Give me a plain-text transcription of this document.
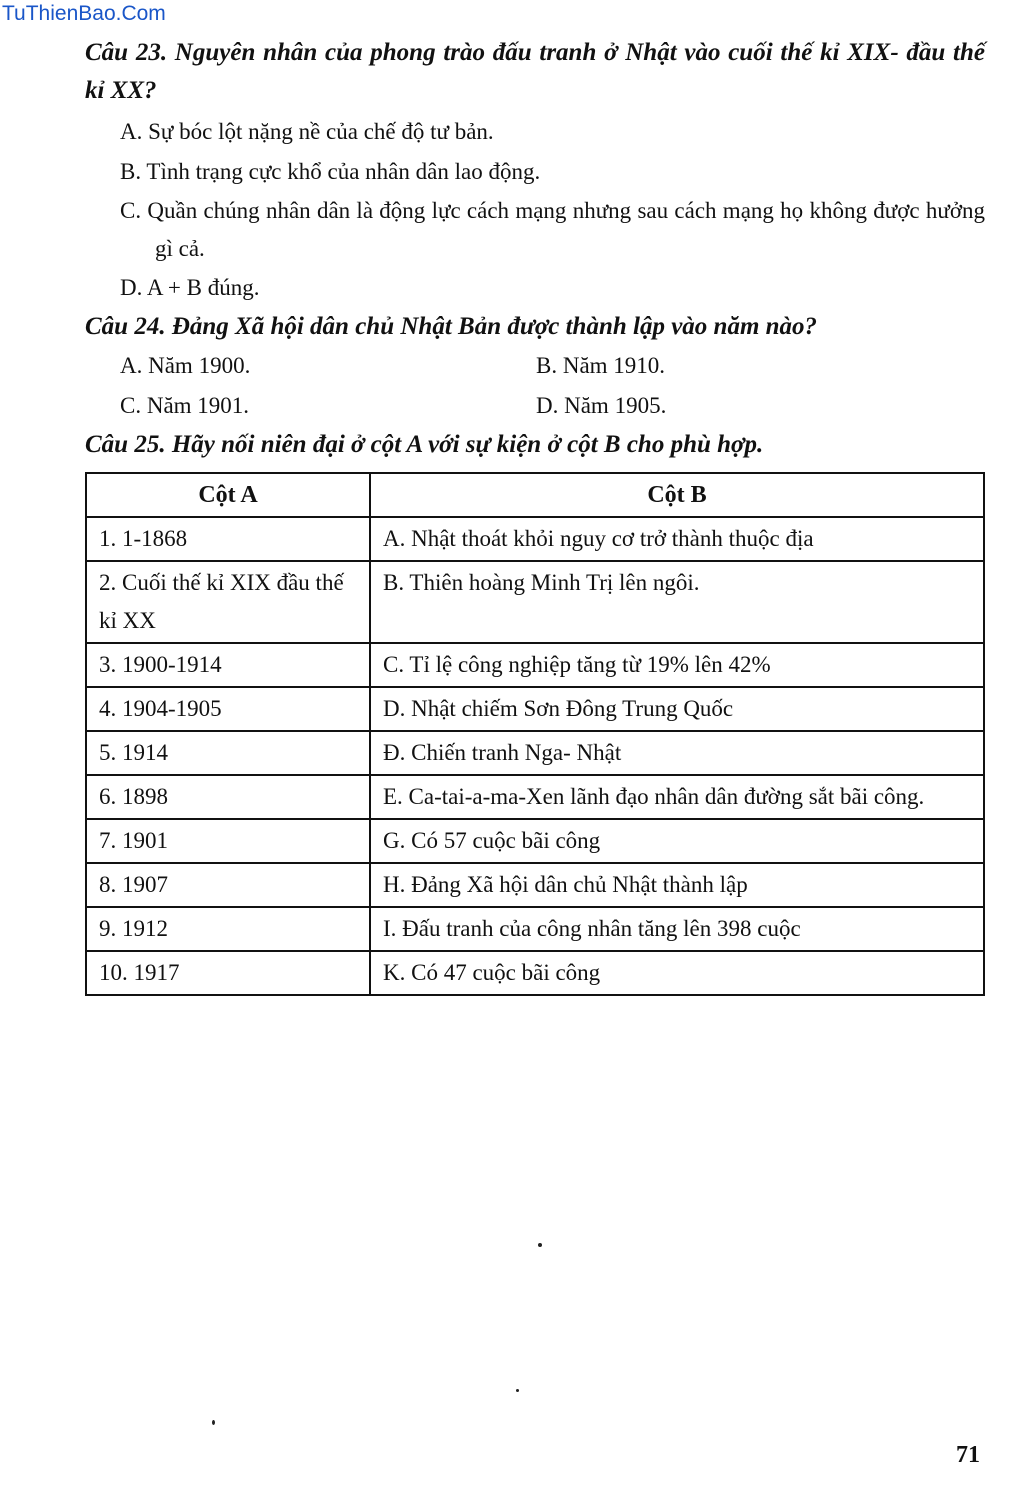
TuThienBao.Com

Câu 23. Nguyên nhân của phong trào đấu tranh ở Nhật vào cuối thế kỉ XIX- đầu thế kỉ XX?

A. Sự bóc lột nặng nề của chế độ tư bản.

B. Tình trạng cực khổ của nhân dân lao động.

C. Quần chúng nhân dân là động lực cách mạng nhưng sau cách mạng họ không được hưởng gì cả.

D. A + B đúng.

Câu 24. Đảng Xã hội dân chủ Nhật Bản được thành lập vào năm nào?

A. Năm 1900.	B. Năm 1910.

C. Năm 1901.	D. Năm 1905.

Câu 25. Hãy nối niên đại ở cột A với sự kiện ở cột B cho phù hợp.

Cột A	Cột B
1. 1-1868	A. Nhật thoát khỏi nguy cơ trở thành thuộc địa
2. Cuối thế kỉ XIX đầu thế kỉ XX	B. Thiên hoàng Minh Trị lên ngôi.
3. 1900-1914	C. Tỉ lệ công nghiệp tăng từ 19% lên 42%
4. 1904-1905	D. Nhật chiếm Sơn Đông Trung Quốc
5. 1914	Đ. Chiến tranh Nga- Nhật
6. 1898	E. Ca-tai-a-ma-Xen lãnh đạo nhân dân đường sắt bãi công.
7. 1901	G. Có 57 cuộc bãi công
8. 1907	H. Đảng Xã hội dân chủ Nhật thành lập
9. 1912	I. Đấu tranh của công nhân tăng lên 398 cuộc
10. 1917	K. Có 47 cuộc bãi công
71
